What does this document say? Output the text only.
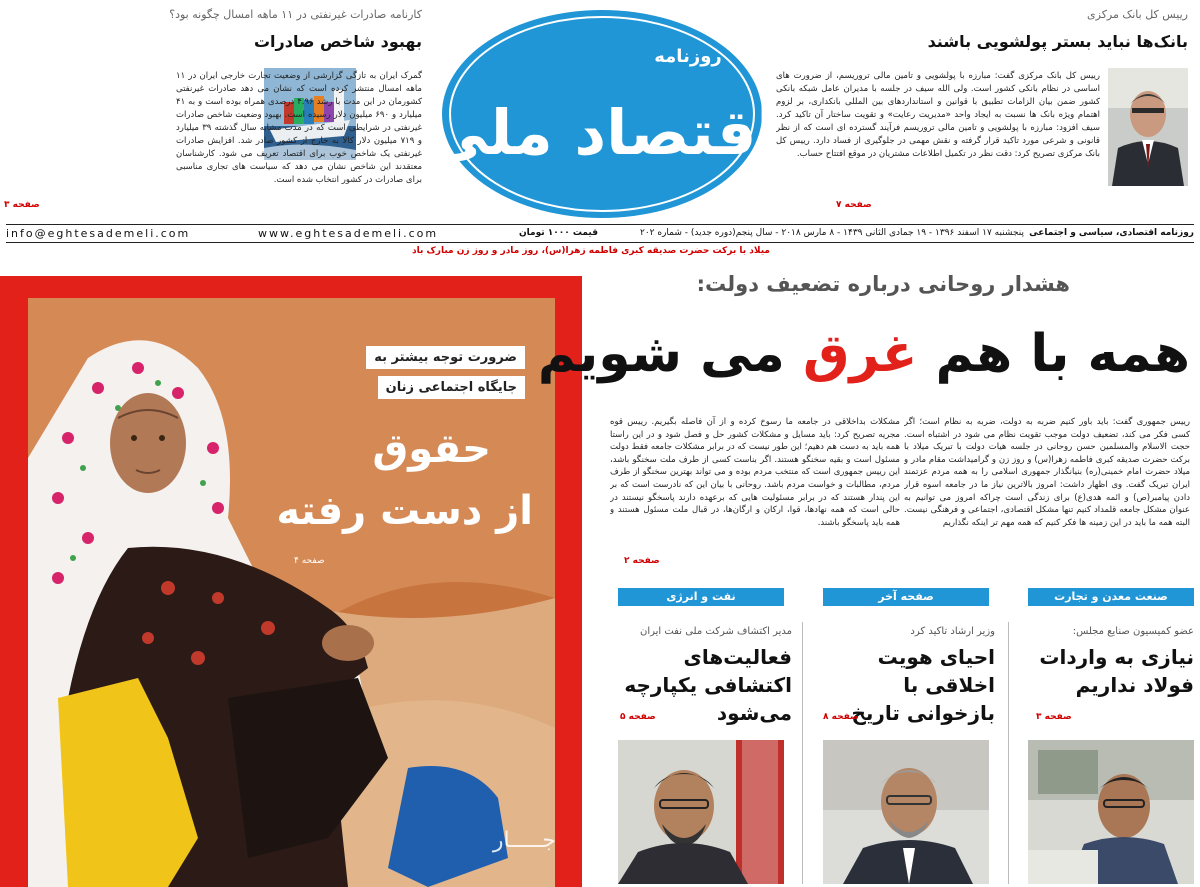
رییس کل بانک مرکزی
بانک‌ها نباید بستر پولشویی باشند
رییس کل بانک مرکزی گفت: مبارزه با پولشویی و تامین مالی تروریسم، از ضرورت های اساسی در نظام بانکی کشور است. ولی الله سیف در جلسه با مدیران عامل شبکه بانکی کشور ضمن بیان الزامات تطبیق با قوانین و استانداردهای بین المللی بانکداری، بر لزوم اهتمام ویژه بانک ها نسبت به ایجاد واحد «مدیریت رعایت» و تقویت ساختار آن تاکید کرد. سیف افزود: مبارزه با پولشویی و تامین مالی تروریسم فرآیند گسترده ای است که از نظر قانونی و شرعی مورد تاکید قرار گرفته و نقش مهمی در جلوگیری از فساد دارد. رییس کل بانک مرکزی تصریح کرد: دقت نظر در تکمیل اطلاعات مشتریان در موقع افتتاح حساب.
صفحه ۷
روزنامه
اقتصاد ملی
کارنامه صادرات غیرنفتی در ۱۱ ماهه امسال چگونه بود؟
بهبود شاخص صادرات
گمرک ایران به تازگی گزارشی از وضعیت تجارت خارجی ایران در ۱۱ ماهه امسال منتشر کرده است که نشان می دهد صادرات غیرنفتی کشورمان در این مدت با رشد ۴.۹۶ درصدی همراه بوده است و به ۴۱ میلیارد و ۶۹۰ میلیون دلار رسیده است. بهبود وضعیت شاخص صادرات غیرنفتی در شرایطی است که در مدت مشابه سال گذشته ۳۹ میلیارد و ۷۱۹ میلیون دلار کالا به خارج از کشور صادر شد. افزایش صادرات غیرنفتی یک شاخص خوب برای اقتصاد تعریف می شود. کارشناسان معتقدند این شاخص نشان می دهد که سیاست های تجاری مناسبی برای صادرات در کشور انتخاب شده است.
صفحه ۳
روزنامه اقتصادی، سیاسی و اجتماعی
پنجشنبه ۱۷ اسفند ۱۳۹۶ - ۱۹ جمادی الثانی ۱۴۳۹ - ۸ مارس ۲۰۱۸ - سال پنجم(دوره جدید) - شماره ۲۰۲
قیمت ۱۰۰۰ تومان
www.eghtesademeli.com
info@eghtesademeli.com
میلاد با برکت حضرت صدیقه کبری فاطمه زهرا(س)، روز مادر و روز زن مبارک باد
ضرورت توجه بیشتر به
جایگاه اجتماعی زنان
حقوق
از دست رفته
صفحه ۴
جـــــار
هشدار روحانی درباره تضعیف دولت:
همه با هم غرق می شویم
رییس جمهوری گفت: باید باور کنیم ضربه به دولت، ضربه به نظام است؛ اگر کسی فکر می کند، تضعیف دولت موجب تقویت نظام می شود در اشتباه است. حجت الاسلام والمسلمین حسن روحانی در جلسه هیات دولت با تبریک میلاد با برکت حضرت صدیقه کبری فاطمه زهرا(س) و روز زن و گرامیداشت مقام مادر و میلاد حضرت امام خمینی(ره) بنیانگذار جمهوری اسلامی را به همه مردم عزتمند ایران تبریک گفت. وی اظهار داشت: امروز بالاترین نیاز ما در جامعه اسوه قرار دادن پیامبر(ص) و ائمه هدی(ع) برای زندگی است چراکه امروز می توانیم به عنوان مشکل جامعه قلمداد کنیم تنها مشکل اقتصادی، اجتماعی و فرهنگی نیست. البته همه ما باید در این زمینه ها فکر کنیم که همه مهم تر اینکه نگذاریم
مشکلات بداخلاقی در جامعه ما رسوخ کرده و از آن فاصله بگیریم. رییس قوه مجریه تصریح کرد: باید مسایل و مشکلات کشور حل و فصل شود و در این راستا همه باید به دست هم دهیم؛ این طور نیست که در برابر مشکلات جامعه فقط دولت مسئول است و بقیه سخنگو هستند. اگر بناست کسی از طرف ملت سخنگو باشد، این رییس جمهوری است که منتخب مردم بوده و می تواند بهترین سخنگو از طرف مردم، مطالبات و خواست مردم باشد. روحانی با بیان این که نادرست است که بر این پندار هستند که در برابر مسئولیت هایی که برعهده دارند پاسخگو نیستند در حالی است که همه نهادها، قوا، ارکان و ارگان‌ها، در قبال ملت مسئول هستند و همه باید پاسخگو باشند.
صفحه ۲
صنعت معدن و تجارت
صفحه آخر
نفت و انرژی
عضو کمیسیون صنایع مجلس:
نیازی به واردات فولاد نداریم
صفحه ۳
وزیر ارشاد تاکید کرد
احیای هویت اخلاقی با بازخوانی تاریخ
صفحه ۸
مدیر اکتشاف شرکت ملی نفت ایران
فعالیت‌های اکتشافی یکپارچه می‌شود
صفحه ۵
